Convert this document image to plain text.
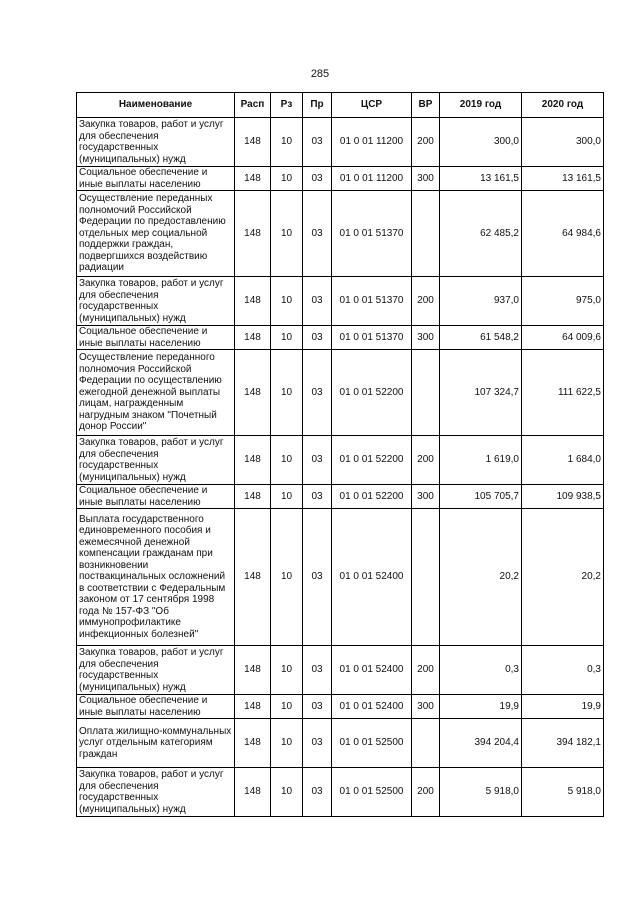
285
Наименование	Расп	Рз	Пр	ЦСР	ВР	2019 год	2020 год
Закупка товаров, работ и услуг для обеспечения государственных (муниципальных) нужд	148	10	03	01 0 01 11200	200	300,0	300,0
Социальное обеспечение и иные выплаты населению	148	10	03	01 0 01 11200	300	13 161,5	13 161,5
Осуществление переданных полномочий Российской Федерации по предоставлению отдельных мер социальной поддержки граждан, подвергшихся воздействию радиации	148	10	03	01 0 01 51370		62 485,2	64 984,6
Закупка товаров, работ и услуг для обеспечения государственных (муниципальных) нужд	148	10	03	01 0 01 51370	200	937,0	975,0
Социальное обеспечение и иные выплаты населению	148	10	03	01 0 01 51370	300	61 548,2	64 009,6
Осуществление переданного полномочия Российской Федерации по осуществлению ежегодной денежной выплаты лицам, награжденным нагрудным знаком "Почетный донор России"	148	10	03	01 0 01 52200		107 324,7	111 622,5
Закупка товаров, работ и услуг для обеспечения государственных (муниципальных) нужд	148	10	03	01 0 01 52200	200	1 619,0	1 684,0
Социальное обеспечение и иные выплаты населению	148	10	03	01 0 01 52200	300	105 705,7	109 938,5
Выплата государственного единовременного пособия и ежемесячной денежной компенсации гражданам при возникновении поствакцинальных осложнений в соответствии с Федеральным законом от 17 сентября 1998 года № 157-ФЗ "Об иммунопрофилактике инфекционных болезней"	148	10	03	01 0 01 52400		20,2	20,2
Закупка товаров, работ и услуг для обеспечения государственных (муниципальных) нужд	148	10	03	01 0 01 52400	200	0,3	0,3
Социальное обеспечение и иные выплаты населению	148	10	03	01 0 01 52400	300	19,9	19,9
Оплата жилищно-коммунальных услуг отдельным категориям граждан	148	10	03	01 0 01 52500		394 204,4	394 182,1
Закупка товаров, работ и услуг для обеспечения государственных (муниципальных) нужд	148	10	03	01 0 01 52500	200	5 918,0	5 918,0
